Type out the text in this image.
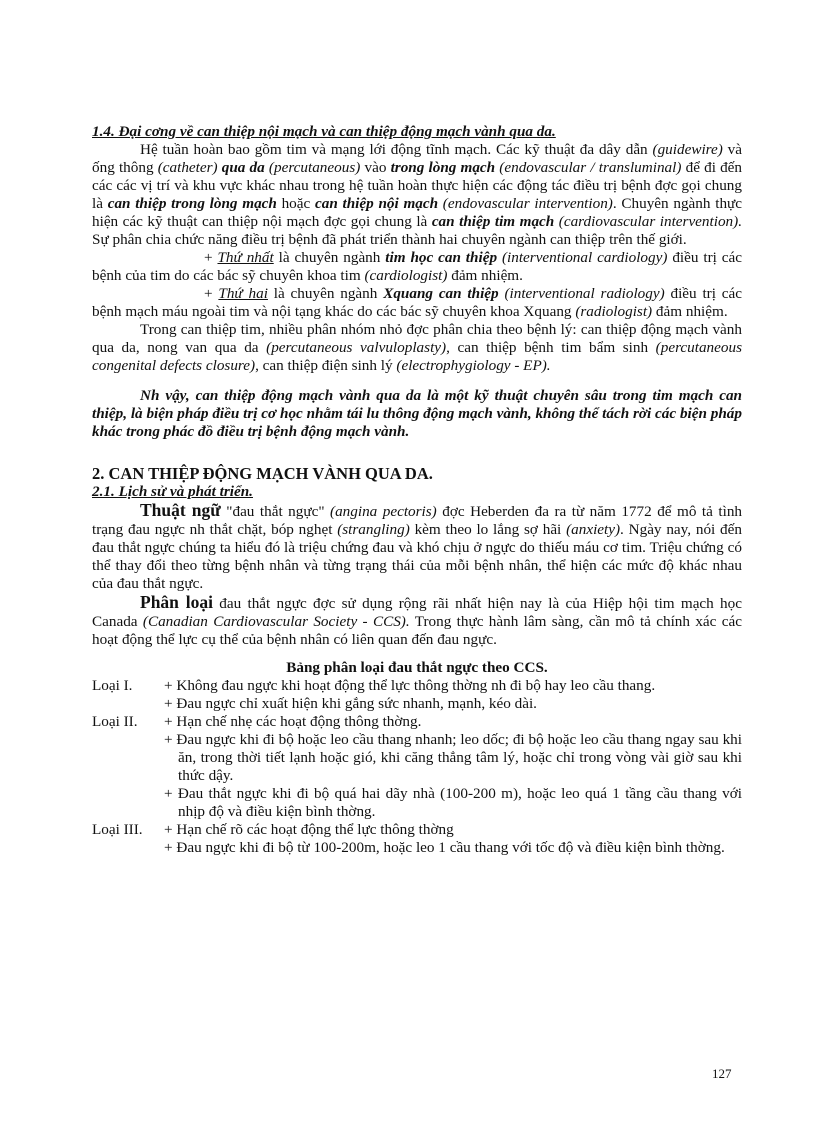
1.4. Đại cơng về can thiệp nội mạch và can thiệp động mạch vành qua da.

Hệ tuần hoàn bao gồm tim và mạng lới động tĩnh mạch. Các kỹ thuật đa dây dẫn (guidewire) và ống thông (catheter) qua da (percutaneous) vào trong lòng mạch (endovascular / transluminal) để đi đến các các vị trí và khu vực khác nhau trong hệ tuần hoàn thực hiện các động tác điều trị bệnh đợc gọi chung là can thiệp trong lòng mạch hoặc can thiệp nội mạch (endovascular intervention). Chuyên ngành thực hiện các kỹ thuật can thiệp nội mạch đợc gọi chung là can thiệp tim mạch (cardiovascular intervention). Sự phân chia chức năng điều trị bệnh đã phát triển thành hai chuyên ngành can thiệp trên thế giới.

+ Thứ nhất là chuyên ngành tim học can thiệp (interventional cardiology) điều trị các bệnh của tim do các bác sỹ chuyên khoa tim (cardiologist) đảm nhiệm.

+ Thứ hai là chuyên ngành Xquang can thiệp (interventional radiology) điều trị các bệnh mạch máu ngoài tim và nội tạng khác do các bác sỹ chuyên khoa Xquang (radiologist) đảm nhiệm.

Trong can thiệp tim, nhiều phân nhóm nhỏ đợc phân chia theo bệnh lý: can thiệp động mạch vành qua da, nong van qua da (percutaneous valvuloplasty), can thiệp bệnh tim bẩm sinh (percutaneous congenital defects closure), can thiệp điện sinh lý (electrophygiology - EP).

Nh vậy, can thiệp động mạch vành qua da là một kỹ thuật chuyên sâu trong tim mạch can thiệp, là biện pháp điều trị cơ học nhằm tái lu thông động mạch vành, không thể tách rời các biện pháp khác trong phác đồ điều trị bệnh động mạch vành.

2. CAN THIỆP ĐỘNG MẠCH VÀNH QUA DA.

2.1. Lịch sử và phát triển.

Thuật ngữ "đau thắt ngực" (angina pectoris) đợc Heberden đa ra từ năm 1772 để mô tả tình trạng đau ngực nh thắt chặt, bóp nghẹt (strangling) kèm theo lo lắng sợ hãi (anxiety). Ngày nay, nói đến đau thắt ngực chúng ta hiểu đó là triệu chứng đau và khó chịu ở ngực do thiếu máu cơ tim. Triệu chứng có thể thay đổi theo từng bệnh nhân và từng trạng thái của mỗi bệnh nhân, thể hiện các mức độ khác nhau của đau thắt ngực.

Phân loại đau thắt ngực đợc sử dụng rộng rãi nhất hiện nay là của Hiệp hội tim mạch học Canada (Canadian Cardiovascular Society - CCS). Trong thực hành lâm sàng, cần mô tả chính xác các hoạt động thể lực cụ thể của bệnh nhân có liên quan đến đau ngực.

Bảng phân loại đau thắt ngực theo CCS.

Loại I.	+ Không đau ngực khi hoạt động thể lực thông thờng nh đi bộ hay leo cầu thang.
+ Đau ngực chỉ xuất hiện khi gắng sức nhanh, mạnh, kéo dài.
Loại II.	+ Hạn chế nhẹ các hoạt động thông thờng.
+ Đau ngực khi đi bộ hoặc leo cầu thang nhanh; leo dốc; đi bộ hoặc leo cầu thang ngay sau khi ăn, trong thời tiết lạnh hoặc gió, khi căng thẳng tâm lý, hoặc chỉ trong vòng vài giờ sau khi thức dậy.
+ Đau thắt ngực khi đi bộ quá hai dãy nhà (100-200 m), hoặc leo quá 1 tầng cầu thang với nhịp độ và điều kiện bình thờng.
Loại III.	+ Hạn chế rõ các hoạt động thể lực thông thờng
+ Đau ngực khi đi bộ từ 100-200m, hoặc leo 1 cầu thang với tốc độ và điều kiện bình thờng.
127
